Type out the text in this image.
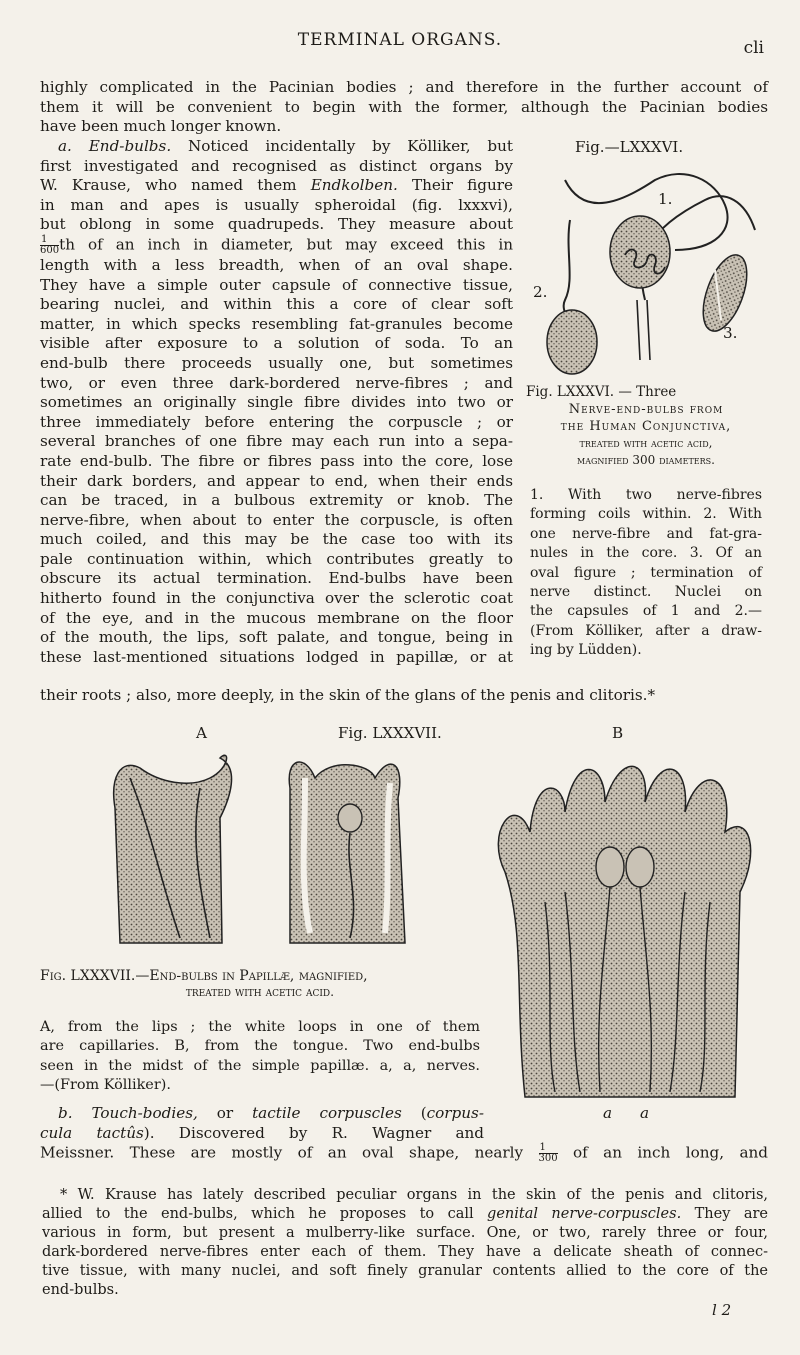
TERMINAL ORGANS.	cli
highly complicated in the Pacinian bodies ; and therefore in the further account of
them it will be convenient to begin with the former, although the Pacinian bodies
have been much longer known.
a. End-bulbs. Noticed incidentally by Kölliker, but
first investigated and recognised as distinct organs by
W. Krause, who named them Endkolben. Their figure
in man and apes is usually spheroidal (fig. lxxxvi),
but oblong in some quadrupeds. They measure about
$\frac{1}{600}$ th of an inch in diameter, but may exceed this in
length with a less breadth, when of an oval shape.
They have a simple outer capsule of connective tissue,
bearing nuclei, and within this a core of clear soft
matter, in which specks resembling fat-granules become
visible after exposure to a solution of soda. To an
end-bulb there proceeds usually one, but sometimes
two, or even three dark-bordered nerve-fibres ; and
sometimes an originally single fibre divides into two or
three immediately before entering the corpuscle ; or
several branches of one fibre may each run into a sepa-
rate end-bulb. The fibre or fibres pass into the core, lose
their dark borders, and appear to end, when their ends
can be traced, in a bulbous extremity or knob. The
nerve-fibre, when about to enter the corpuscle, is often
much coiled, and this may be the case too with its
pale continuation within, which contributes greatly to
obscure its actual termination. End-bulbs have been
hitherto found in the conjunctiva over the sclerotic coat
of the eye, and in the mucous membrane on the floor
of the mouth, the lips, soft palate, and tongue, being in
these last-mentioned situations lodged in papillæ, or at
their roots ; also, more deeply, in the skin of the glans of the penis and clitoris.*
Fig.—LXXXVI.
1.
2.
3.
Fig. LXXXVI. — Three
Nerve-end-bulbs from
the Human Conjunctiva,
treated with acetic acid,
magnified 300 diameters.
1. With two nerve-fibres
forming coils within. 2. With
one nerve-fibre and fat-gra-
nules in the core. 3. Of an
oval figure ; termination of
nerve distinct. Nuclei on
the capsules of 1 and 2.—
(From Kölliker, after a draw-
ing by Lüdden).
A	Fig. LXXXVII.	B
a a
Fig. LXXXVII.—End-bulbs in Papillæ, magnified,
treated with acetic acid.
A, from the lips ; the white loops in one of them
are capillaries. B, from the tongue. Two end-bulbs
seen in the midst of the simple papillæ. a, a, nerves.
—(From Kölliker).
b. Touch-bodies, or tactile corpuscles (corpus-
cula tactûs). Discovered by R. Wagner and
Meissner. These are mostly of an oval shape, nearly $\frac{1}{300}$ of an inch long, and
* W. Krause has lately described peculiar organs in the skin of the penis and clitoris,
allied to the end-bulbs, which he proposes to call genital nerve-corpuscles. They are
various in form, but present a mulberry-like surface. One, or two, rarely three or four,
dark-bordered nerve-fibres enter each of them. They have a delicate sheath of connec-
tive tissue, with many nuclei, and soft finely granular contents allied to the core of the
end-bulbs.
l 2
